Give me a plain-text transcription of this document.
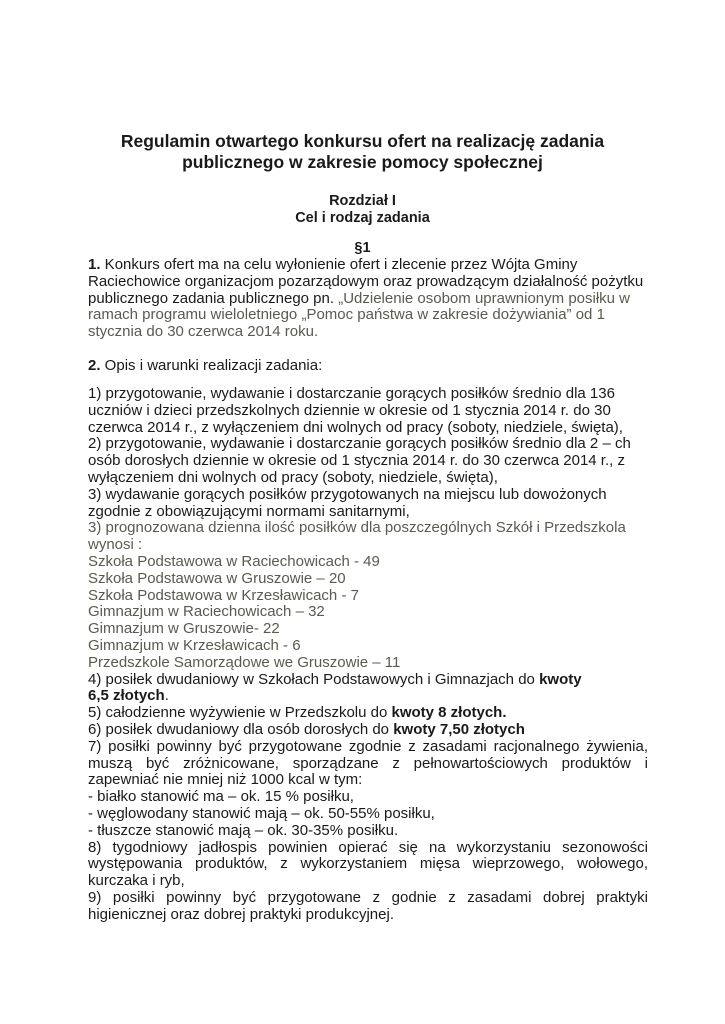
Regulamin otwartego konkursu ofert na realizację zadania
publicznego w zakresie pomocy społecznej
Rozdział I
Cel i rodzaj zadania
§1
1. Konkurs ofert ma na celu wyłonienie ofert i zlecenie przez Wójta Gminy
Raciechowice organizacjom pozarządowym oraz prowadzącym działalność pożytku
publicznego zadania publicznego pn. „Udzielenie osobom uprawnionym posiłku w
ramach programu wieloletniego „Pomoc państwa w zakresie dożywiania” od 1
stycznia do 30 czerwca 2014 roku.
2. Opis i warunki realizacji zadania:
1) przygotowanie, wydawanie i dostarczanie gorących posiłków średnio dla 136
uczniów i dzieci przedszkolnych dziennie w okresie od 1 stycznia 2014 r. do 30
czerwca 2014 r., z wyłączeniem dni wolnych od pracy (soboty, niedziele, święta),
2) przygotowanie, wydawanie i dostarczanie gorących posiłków średnio dla 2 – ch
osób dorosłych dziennie w okresie od 1 stycznia 2014 r. do 30 czerwca 2014 r., z
wyłączeniem dni wolnych od pracy (soboty, niedziele, święta),
3) wydawanie gorących posiłków przygotowanych na miejscu lub dowożonych
zgodnie z obowiązującymi normami sanitarnymi,
3) prognozowana dzienna ilość posiłków dla poszczególnych Szkół i Przedszkola
wynosi :
Szkoła Podstawowa w Raciechowicach - 49
Szkoła Podstawowa w Gruszowie – 20
Szkoła Podstawowa w Krzesławicach - 7
Gimnazjum w Raciechowicach – 32
Gimnazjum w Gruszowie- 22
Gimnazjum w Krzesławicach - 6
Przedszkole Samorządowe we Gruszowie – 11
4) posiłek dwudaniowy w Szkołach Podstawowych i Gimnazjach do kwoty
6,5 złotych.
5) całodzienne wyżywienie w Przedszkolu do kwoty 8 złotych.
6) posiłek dwudaniowy dla osób dorosłych do kwoty 7,50 złotych
7) posiłki powinny być przygotowane zgodnie z zasadami racjonalnego żywienia,
muszą być zróżnicowane, sporządzane z pełnowartościowych produktów i
zapewniać nie mniej niż 1000 kcal w tym:
- białko stanowić ma – ok. 15 % posiłku,
- węglowodany stanowić mają – ok. 50-55% posiłku,
- tłuszcze stanowić mają – ok. 30-35% posiłku.
8) tygodniowy jadłospis powinien opierać się na wykorzystaniu sezonowości
występowania produktów, z wykorzystaniem mięsa wieprzowego, wołowego,
kurczaka i ryb,
9) posiłki powinny być przygotowane z godnie z zasadami dobrej praktyki
higienicznej oraz dobrej praktyki produkcyjnej.
